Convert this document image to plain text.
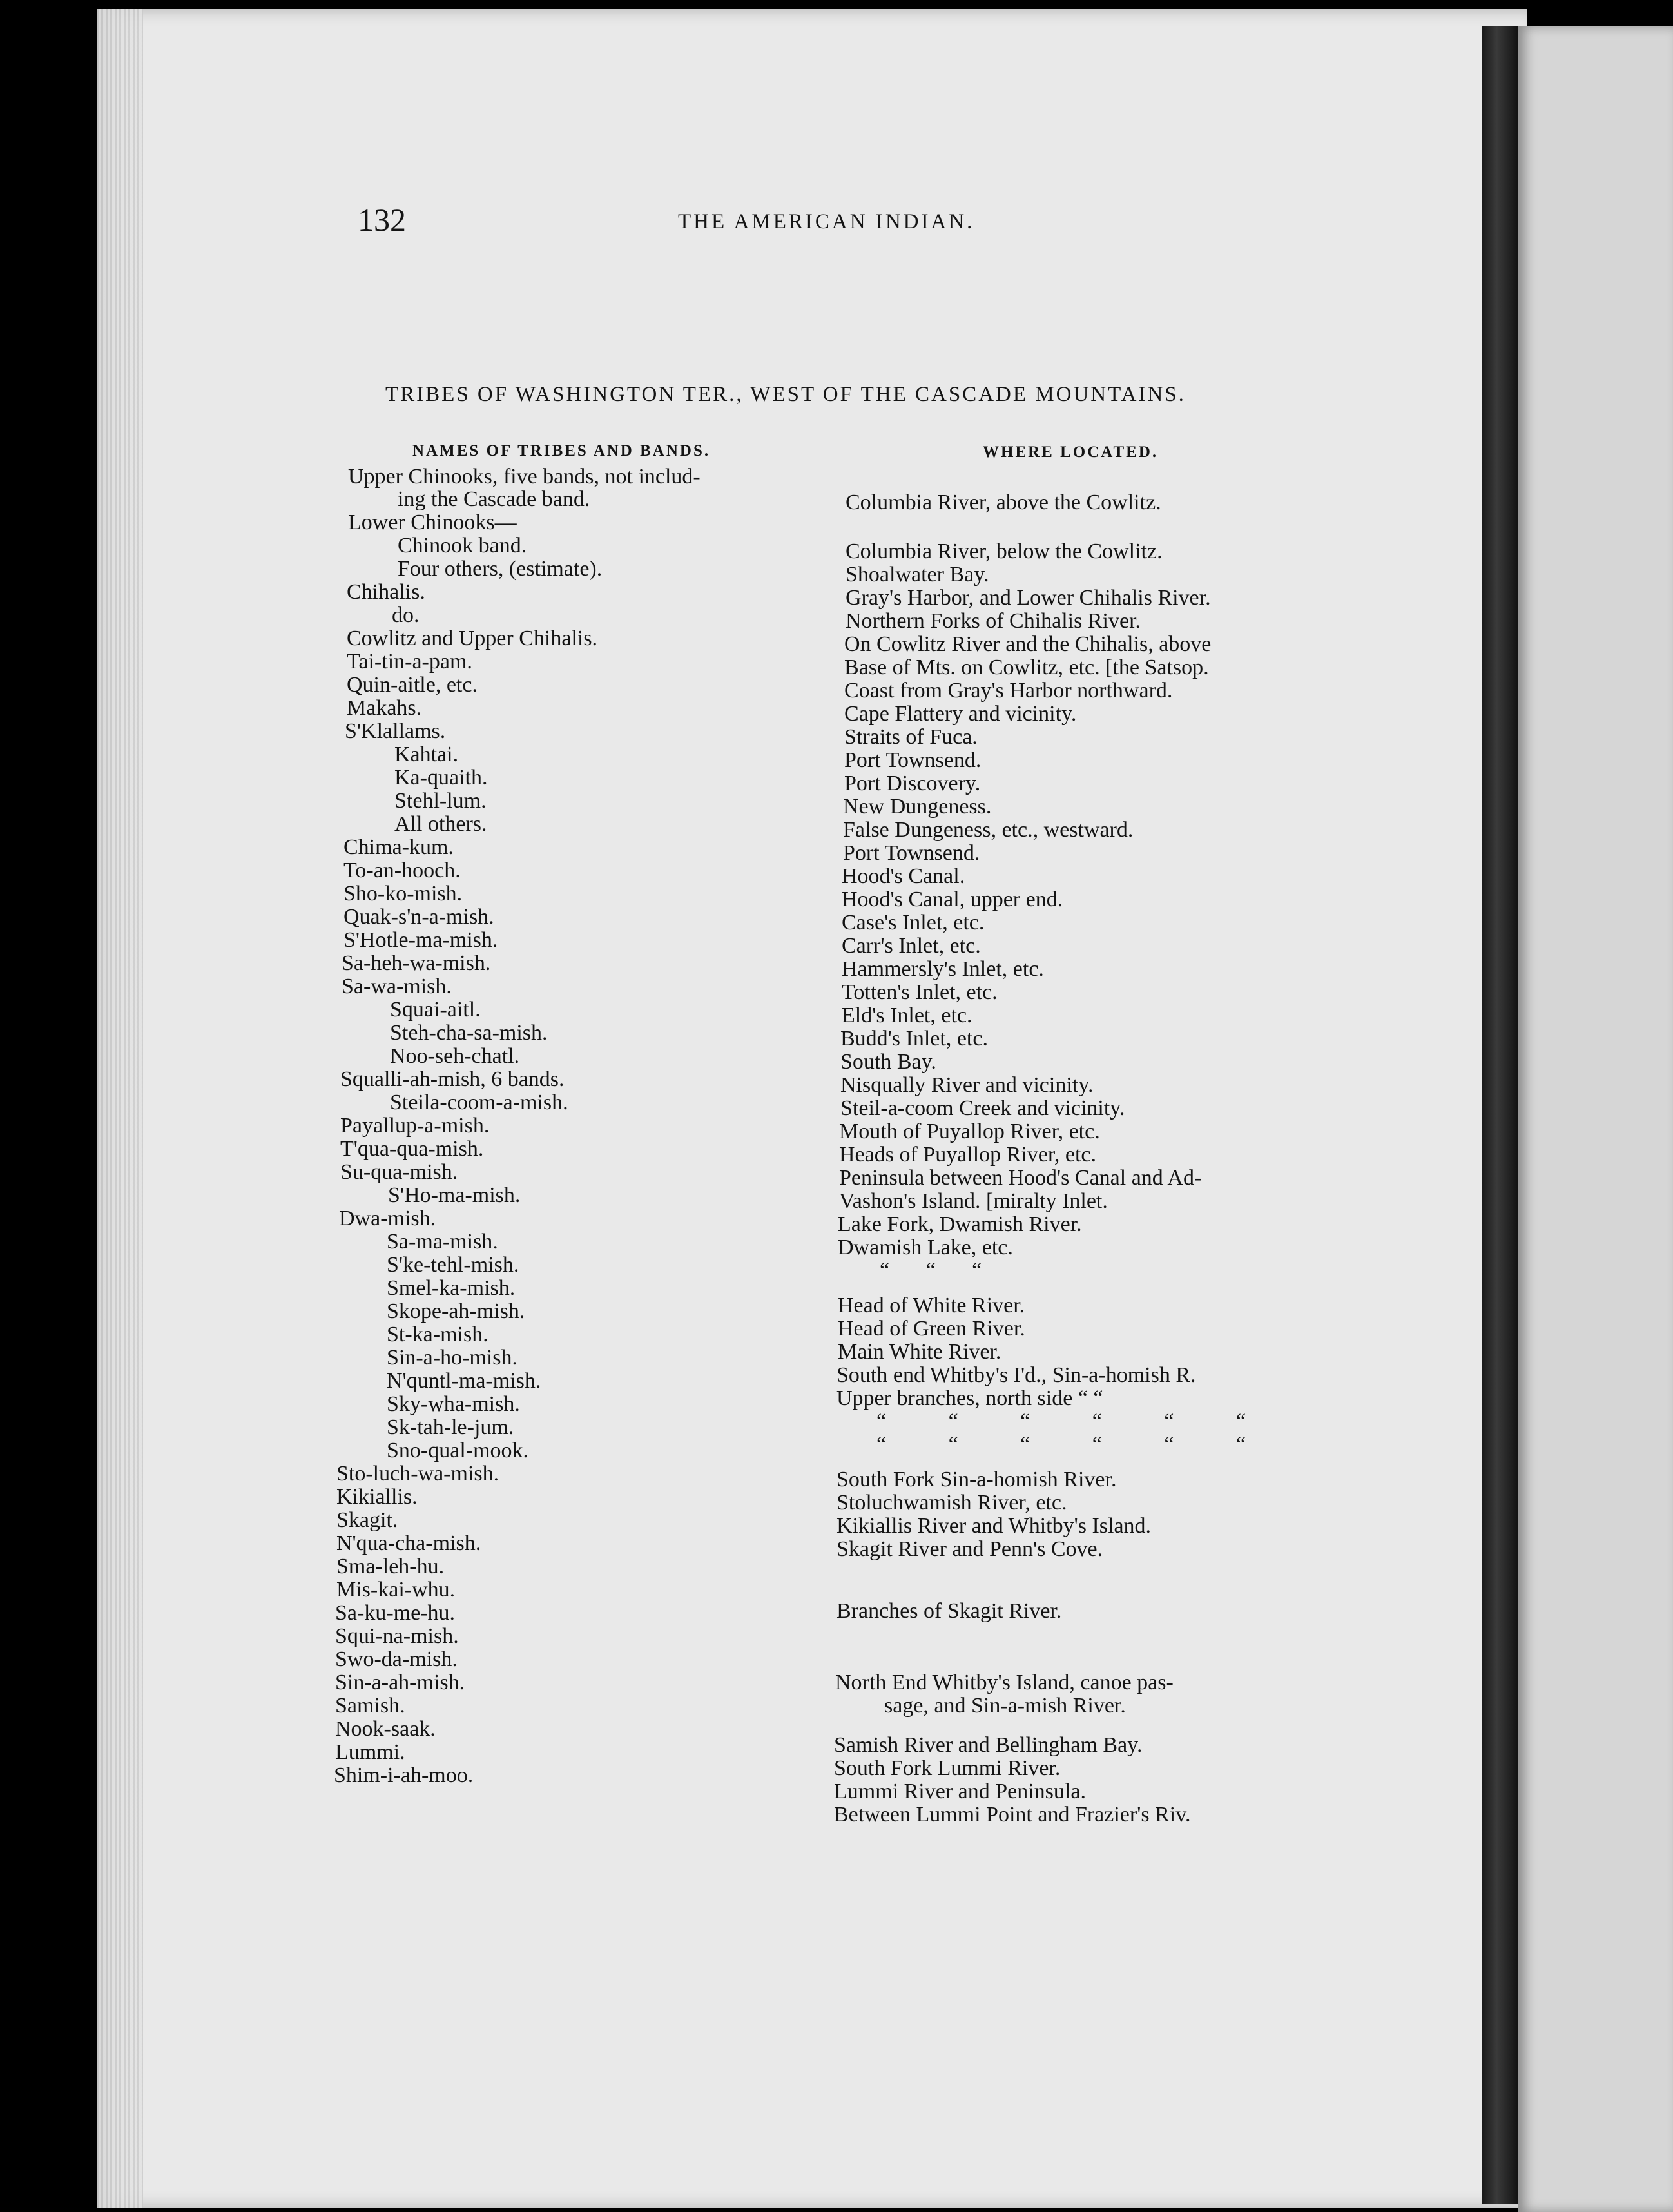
132	THE AMERICAN INDIAN.
TRIBES OF WASHINGTON TER., WEST OF THE CASCADE MOUNTAINS.
NAMES OF TRIBES AND BANDS.	WHERE LOCATED.
Upper Chinooks, five bands, not includ-
ing the Cascade band.
Lower Chinooks—
Chinook band.
Four others, (estimate).
Chihalis.
do.
Cowlitz and Upper Chihalis.
Tai-tin-a-pam.
Quin-aitle, etc.
Makahs.
S'Klallams.
Kahtai.
Ka-quaith.
Stehl-lum.
All others.
Chima-kum.
To-an-hooch.
Sho-ko-mish.
Quak-s'n-a-mish.
S'Hotle-ma-mish.
Sa-heh-wa-mish.
Sa-wa-mish.
Squai-aitl.
Steh-cha-sa-mish.
Noo-seh-chatl.
Squalli-ah-mish, 6 bands.
Steila-coom-a-mish.
Payallup-a-mish.
T'qua-qua-mish.
Su-qua-mish.
S'Ho-ma-mish.
Dwa-mish.
Sa-ma-mish.
S'ke-tehl-mish.
Smel-ka-mish.
Skope-ah-mish.
St-ka-mish.
Sin-a-ho-mish.
N'quntl-ma-mish.
Sky-wha-mish.
Sk-tah-le-jum.
Sno-qual-mook.
Sto-luch-wa-mish.
Kikiallis.
Skagit.
N'qua-cha-mish.
Sma-leh-hu.
Mis-kai-whu.
Sa-ku-me-hu.
Squi-na-mish.
Swo-da-mish.
Sin-a-ah-mish.
Samish.
Nook-saak.
Lummi.
Shim-i-ah-moo.
Columbia River, above the Cowlitz.
Columbia River, below the Cowlitz.
Shoalwater Bay.
Gray's Harbor, and Lower Chihalis River.
Northern Forks of Chihalis River.
On Cowlitz River and the Chihalis, above
Base of Mts. on Cowlitz, etc. [the Satsop.
Coast from Gray's Harbor northward.
Cape Flattery and vicinity.
Straits of Fuca.
Port Townsend.
Port Discovery.
New Dungeness.
False Dungeness, etc., westward.
Port Townsend.
Hood's Canal.
Hood's Canal, upper end.
Case's Inlet, etc.
Carr's Inlet, etc.
Hammersly's Inlet, etc.
Totten's Inlet, etc.
Eld's Inlet, etc.
Budd's Inlet, etc.
South Bay.
Nisqually River and vicinity.
Steil-a-coom Creek and vicinity.
Mouth of Puyallop River, etc.
Heads of Puyallop River, etc.
Peninsula between Hood's Canal and Ad-
Vashon's Island. [miralty Inlet.
Lake Fork, Dwamish River.
Dwamish Lake, etc.
“ “ “
Head of White River.
Head of Green River.
Main White River.
South end Whitby's I'd., Sin-a-homish R.
Upper branches, north side “ “
“ “ “ “ “ “
“ “ “ “ “ “
South Fork Sin-a-homish River.
Stoluchwamish River, etc.
Kikiallis River and Whitby's Island.
Skagit River and Penn's Cove.
Branches of Skagit River.
North End Whitby's Island, canoe pas-
sage, and Sin-a-mish River.
Samish River and Bellingham Bay.
South Fork Lummi River.
Lummi River and Peninsula.
Between Lummi Point and Frazier's Riv.
